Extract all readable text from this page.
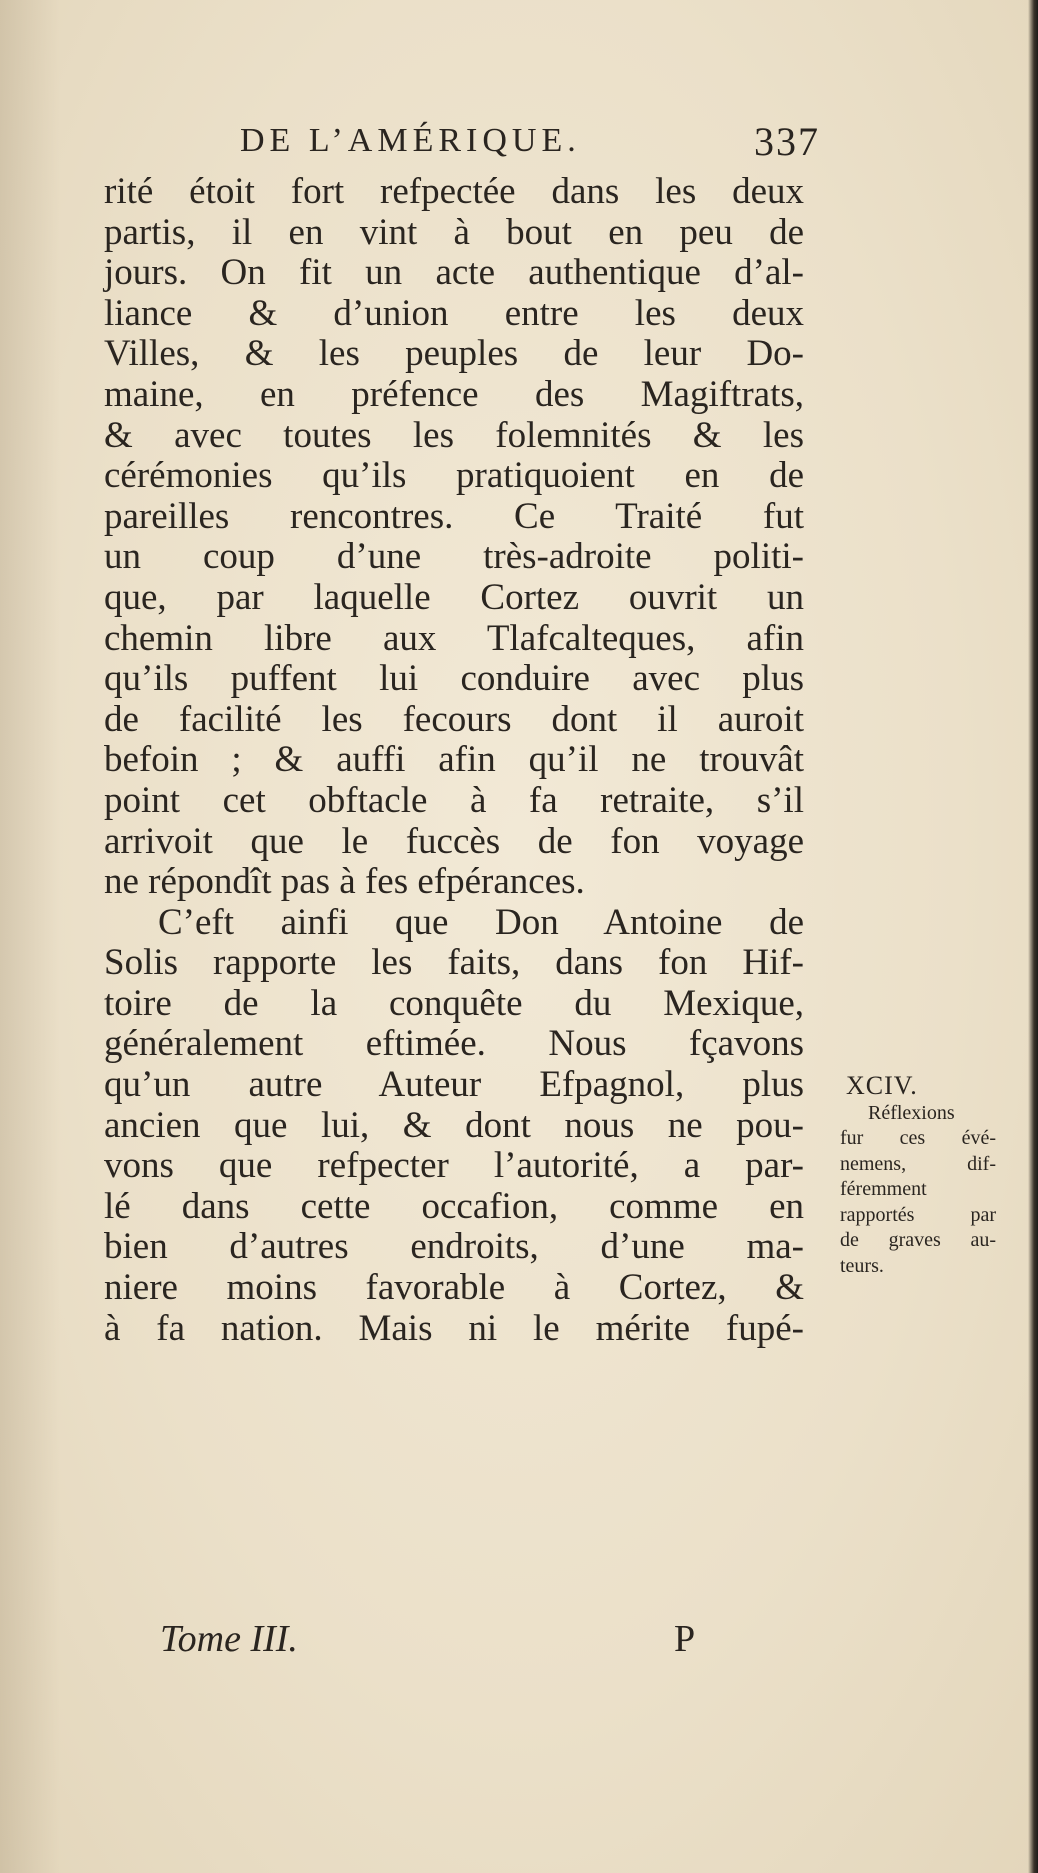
DE L’AMÉRIQUE.	337
rité étoit fort refpectée dans les deux
partis, il en vint à bout en peu de
jours. On fit un acte authentique d’al-
liance & d’union entre les deux
Villes, & les peuples de leur Do-
maine, en préfence des Magiftrats,
& avec toutes les folemnités & les
cérémonies qu’ils pratiquoient en de
pareilles rencontres. Ce Traité fut
un coup d’une très-adroite politi-
que, par laquelle Cortez ouvrit un
chemin libre aux Tlafcalteques, afin
qu’ils puffent lui conduire avec plus
de facilité les fecours dont il auroit
befoin ; & auffi afin qu’il ne trouvât
point cet obftacle à fa retraite, s’il
arrivoit que le fuccès de fon voyage
ne répondît pas à fes efpérances.
C’eft ainfi que Don Antoine de
Solis rapporte les faits, dans fon Hif-
toire de la conquête du Mexique,
généralement eftimée. Nous fçavons
qu’un autre Auteur Efpagnol, plus
ancien que lui, & dont nous ne pou-
vons que refpecter l’autorité, a par-
lé dans cette occafion, comme en
bien d’autres endroits, d’une ma-
niere moins favorable à Cortez, &
à fa nation. Mais ni le mérite fupé-
XCIV.
Réflexions
fur ces évé-
nemens, dif-
féremment
rapportés par
de graves au-
teurs.
Tome III.	P
